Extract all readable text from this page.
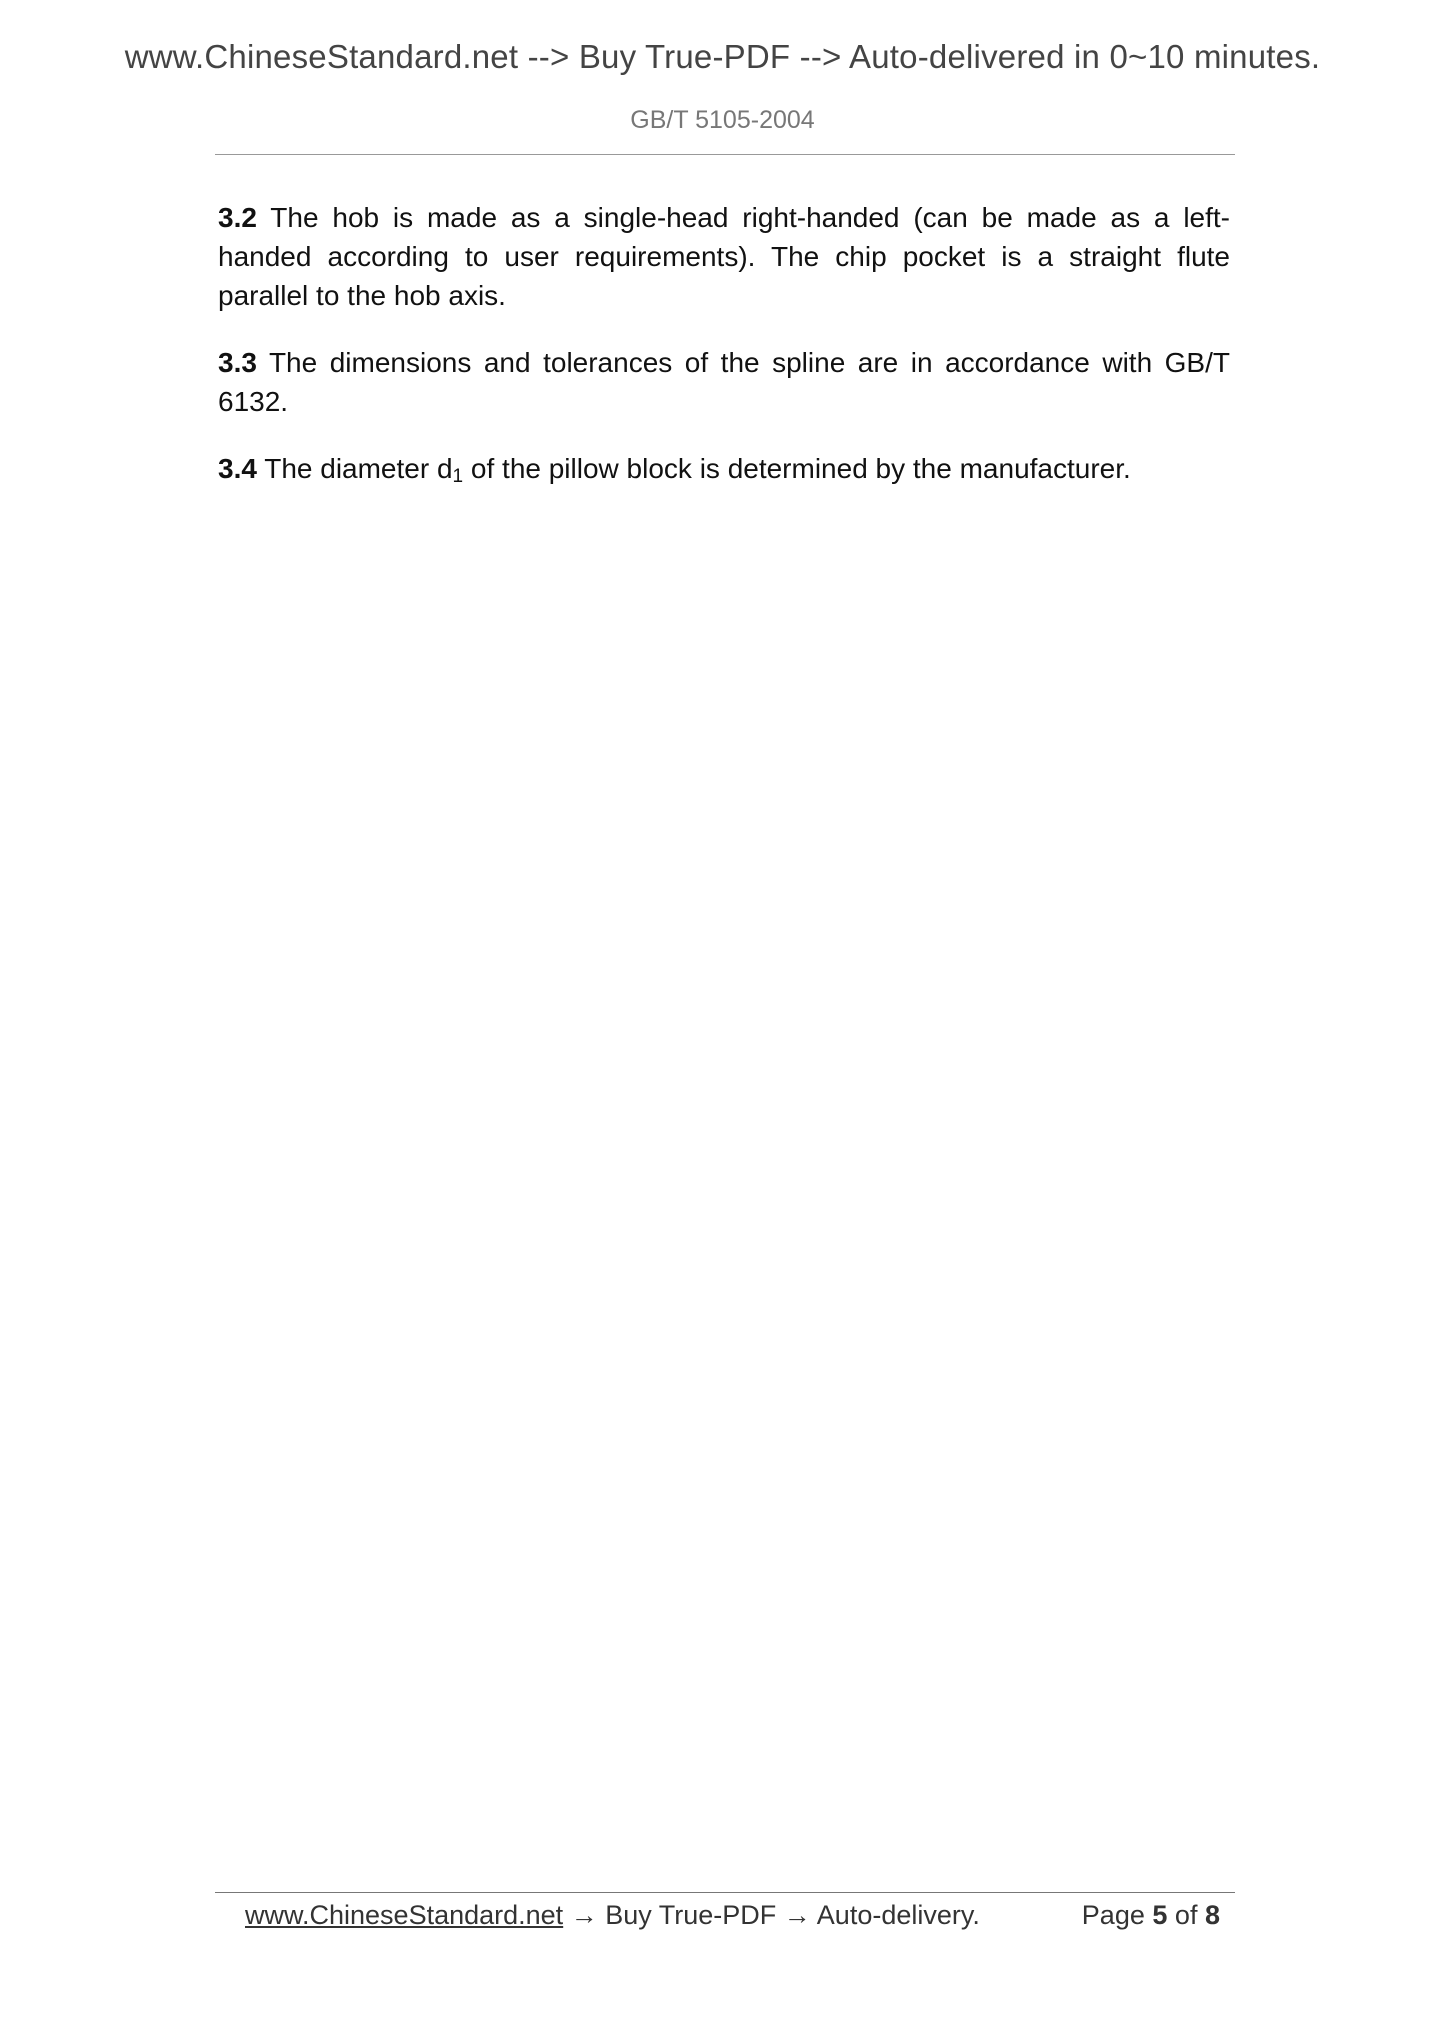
www.ChineseStandard.net --> Buy True-PDF --> Auto-delivered in 0~10 minutes.
GB/T 5105-2004

3.2 The hob is made as a single-head right-handed (can be made as a left-handed according to user requirements). The chip pocket is a straight flute parallel to the hob axis.

3.3 The dimensions and tolerances of the spline are in accordance with GB/T 6132.

3.4 The diameter $d_1$ of the pillow block is determined by the manufacturer.

www.ChineseStandard.net → Buy True-PDF → Auto-delivery.	Page 5 of 8
